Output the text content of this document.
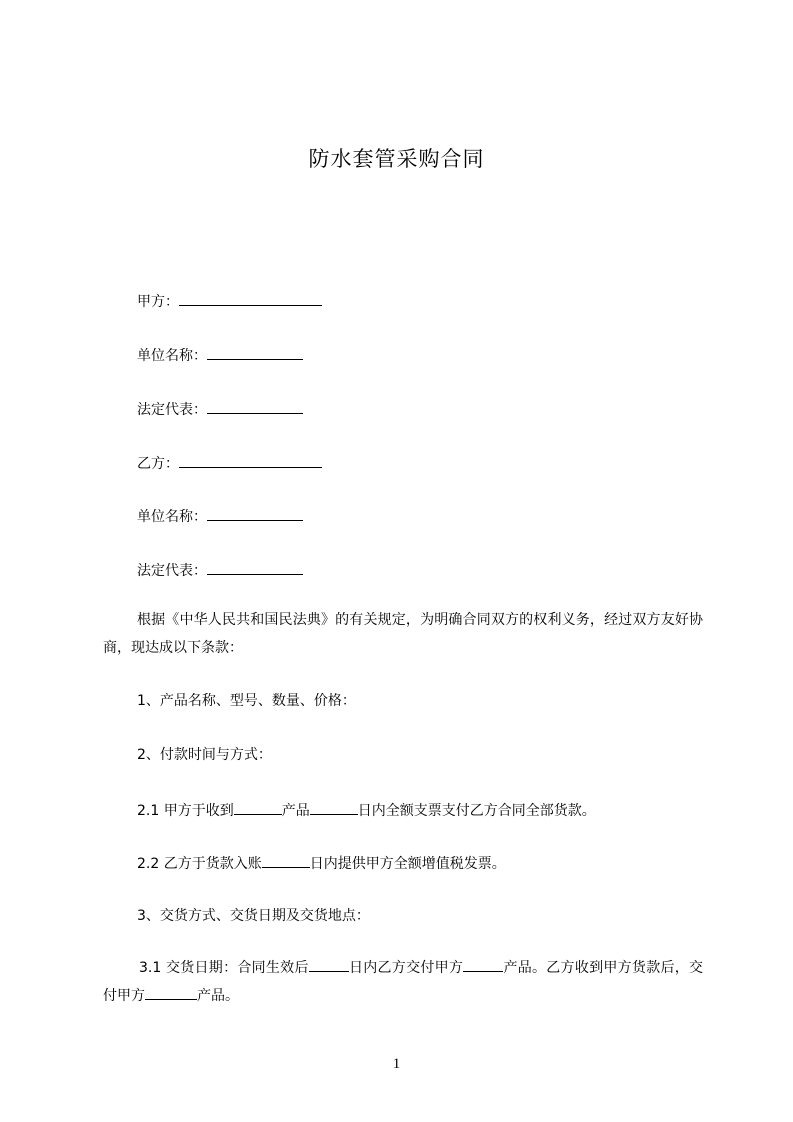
防水套管采购合同
甲方：
单位名称：
法定代表：
乙方：
单位名称：
法定代表：
根据《中华人民共和国民法典》的有关规定，为明确合同双方的权利义务，经过双方友好协商，现达成以下条款：
1、产品名称、型号、数量、价格：
2、付款时间与方式：
2.1 甲方于收到	产品	日内全额支票支付乙方合同全部货款。
2.2 乙方于货款入账	日内提供甲方全额增值税发票。
3、交货方式、交货日期及交货地点：
3.1 交货日期：合同生效后	日内乙方交付甲方	产品。乙方收到甲方货款后，交付甲方	产品。
1
